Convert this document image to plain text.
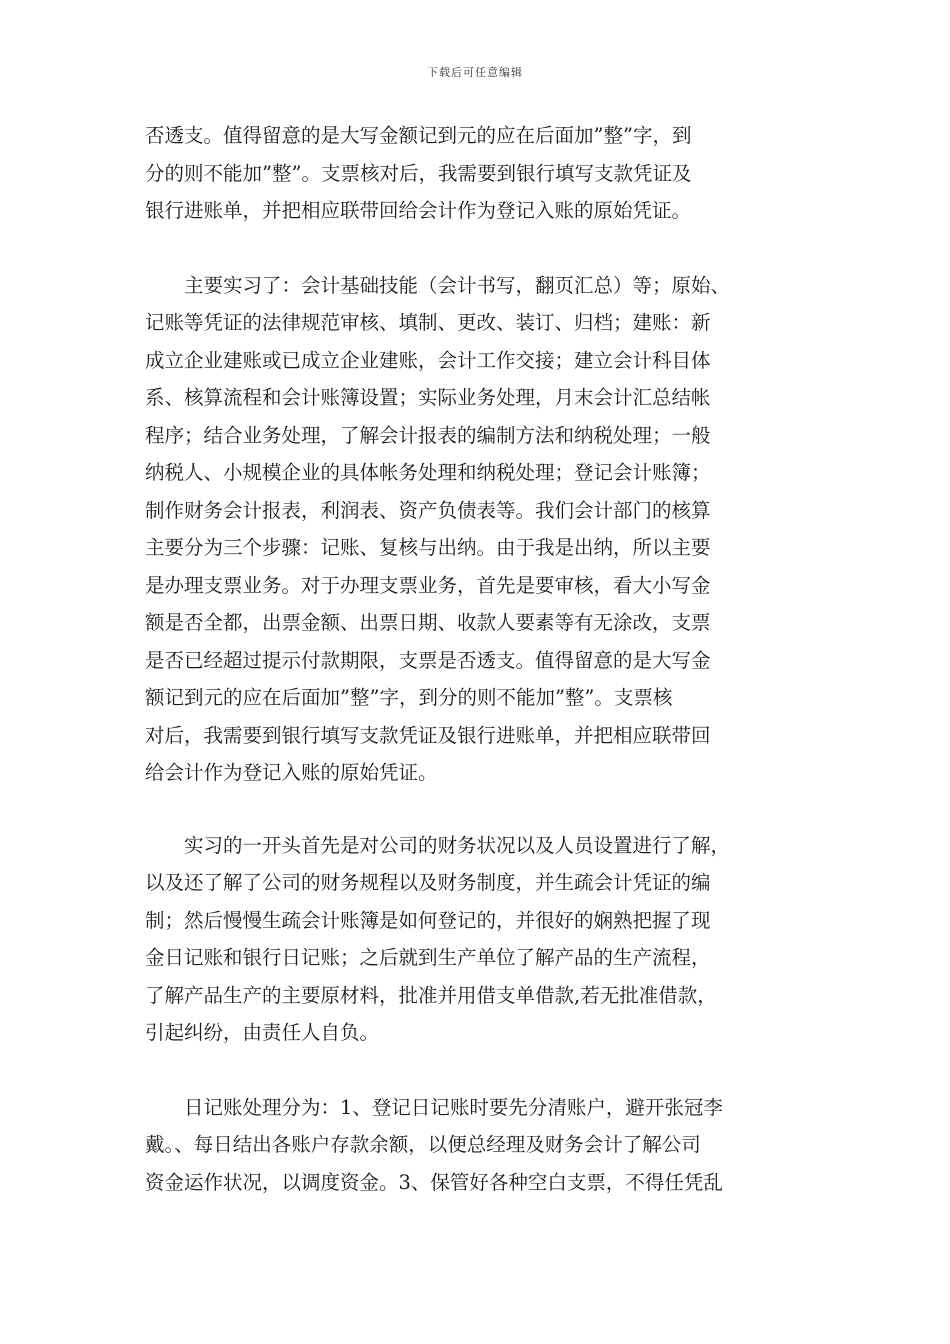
下载后可任意编辑

否透支。值得留意的是大写金额记到元的应在后面加”整”字，到
分的则不能加”整”。支票核对后，我需要到银行填写支款凭证及
银行进账单，并把相应联带回给会计作为登记入账的原始凭证。

　　主要实习了：会计基础技能（会计书写，翻页汇总）等；原始、
记账等凭证的法律规范审核、填制、更改、装订、归档；建账：新
成立企业建账或已成立企业建账，会计工作交接；建立会计科目体
系、核算流程和会计账簿设置；实际业务处理，月末会计汇总结帐
程序；结合业务处理，了解会计报表的编制方法和纳税处理；一般
纳税人、小规模企业的具体帐务处理和纳税处理；登记会计账簿；
制作财务会计报表，利润表、资产负债表等。我们会计部门的核算
主要分为三个步骤：记账、复核与出纳。由于我是出纳，所以主要
是办理支票业务。对于办理支票业务，首先是要审核，看大小写金
额是否全都，出票金额、出票日期、收款人要素等有无涂改，支票
是否已经超过提示付款期限，支票是否透支。值得留意的是大写金
额记到元的应在后面加”整”字，到分的则不能加”整”。支票核
对后，我需要到银行填写支款凭证及银行进账单，并把相应联带回
给会计作为登记入账的原始凭证。

　　实习的一开头首先是对公司的财务状况以及人员设置进行了解，
以及还了解了公司的财务规程以及财务制度，并生疏会计凭证的编
制；然后慢慢生疏会计账簿是如何登记的，并很好的娴熟把握了现
金日记账和银行日记账；之后就到生产单位了解产品的生产流程，
了解产品生产的主要原材料，批准并用借支单借款,若无批准借款，
引起纠纷，由责任人自负。

　　日记账处理分为：1、登记日记账时要先分清账户，避开张冠李
戴。、每日结出各账户存款余额，以便总经理及财务会计了解公司
资金运作状况，以调度资金。3、保管好各种空白支票，不得任凭乱
